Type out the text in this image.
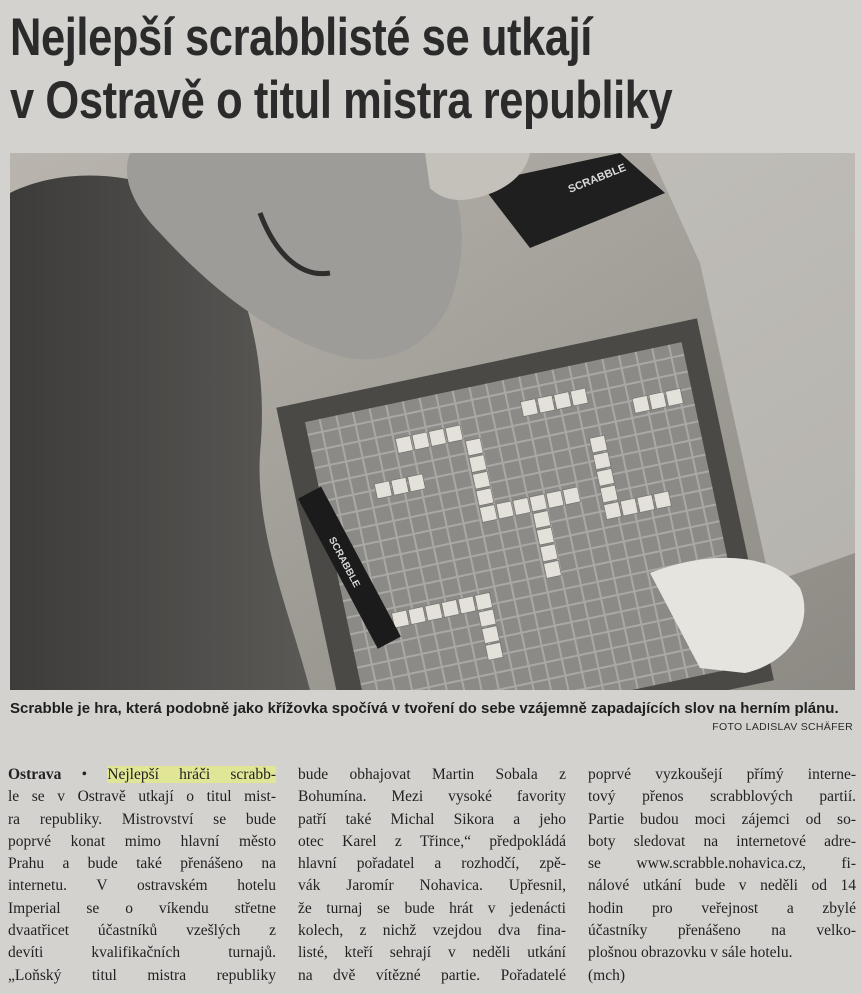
Nejlepší scrabblisté se utkají
v Ostravě o titul mistra republiky
SCRABBLE
SCRABBLE
Scrabble je hra, která podobně jako křížovka spočívá v tvoření do sebe vzájemně zapadajících slov na herním plánu.
FOTO LADISLAV SCHÄFER
Ostrava • Nejlepší hráči scrabb-
le se v Ostravě utkají o titul mist-
ra republiky. Mistrovství se bude
poprvé konat mimo hlavní město
Prahu a bude také přenášeno na
internetu. V ostravském hotelu
Imperial se o víkendu střetne
dvaatřicet účastníků vzešlých z
devíti kvalifikačních turnajů.
„Loňský titul mistra republiky
bude obhajovat Martin Sobala z
Bohumína. Mezi vysoké favority
patří také Michal Sikora a jeho
otec Karel z Třince,“ předpokládá
hlavní pořadatel a rozhodčí, zpě-
vák Jaromír Nohavica. Upřesnil,
že turnaj se bude hrát v jedenácti
kolech, z nichž vzejdou dva fina-
listé, kteří sehrají v neděli utkání
na dvě vítězné partie. Pořadatelé
poprvé vyzkoušejí přímý interne-
tový přenos scrabblových partií.
Partie budou moci zájemci od so-
boty sledovat na internetové adre-
se www.scrabble.nohavica.cz, fi-
nálové utkání bude v neděli od 14
hodin pro veřejnost a zbylé
účastníky přenášeno na velko-
plošnou obrazovku v sále hotelu.
(mch)
